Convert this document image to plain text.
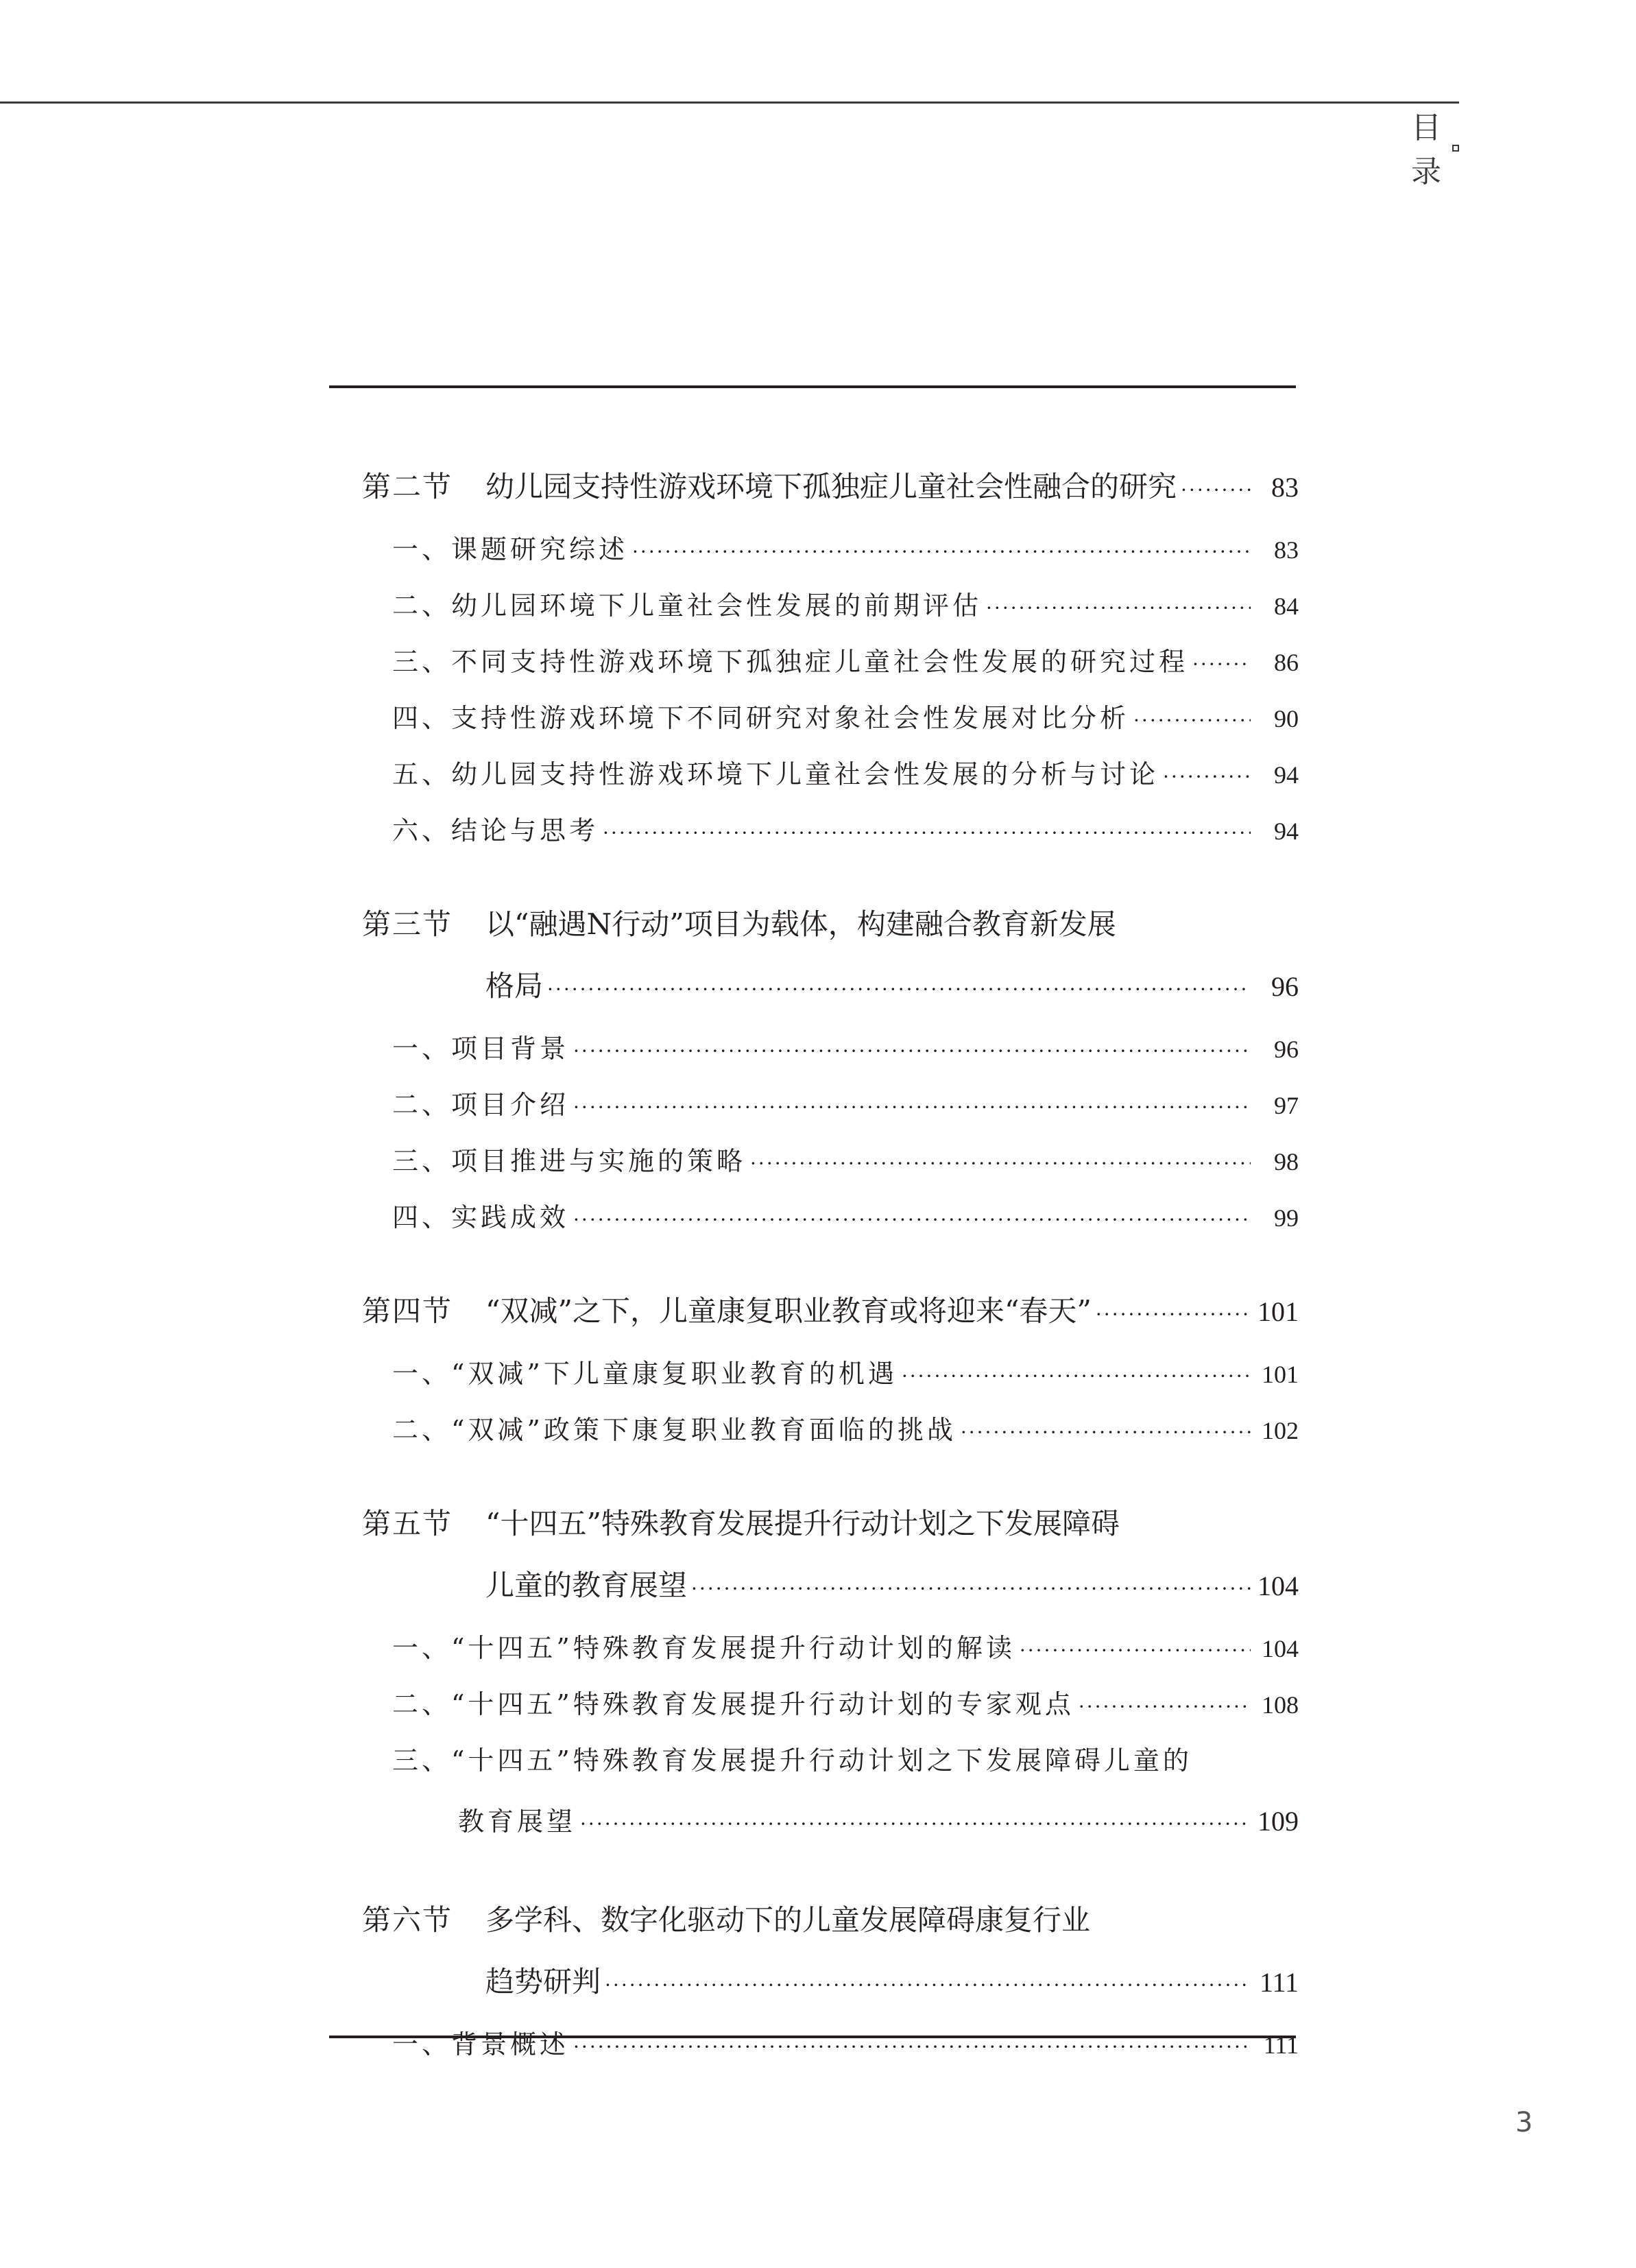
目　录
第二节	幼儿园支持性游戏环境下孤独症儿童社会性融合的研究 ·····	83
一、课题研究综述 ·····	83
二、幼儿园环境下儿童社会性发展的前期评估 ·····	84
三、不同支持性游戏环境下孤独症儿童社会性发展的研究过程 ·····	86
四、支持性游戏环境下不同研究对象社会性发展对比分析 ·····	90
五、幼儿园支持性游戏环境下儿童社会性发展的分析与讨论 ·····	94
六、结论与思考 ·····	94
第三节	以“融遇N行动”项目为载体，构建融合教育新发展
格局 ·····	96
一、项目背景 ·····	96
二、项目介绍 ·····	97
三、项目推进与实施的策略 ·····	98
四、实践成效 ·····	99
第四节	“双减”之下，儿童康复职业教育或将迎来“春天” ·····	101
一、“双减”下儿童康复职业教育的机遇 ·····	101
二、“双减”政策下康复职业教育面临的挑战 ·····	102
第五节	“十四五”特殊教育发展提升行动计划之下发展障碍
儿童的教育展望 ·····	104
一、“十四五”特殊教育发展提升行动计划的解读 ·····	104
二、“十四五”特殊教育发展提升行动计划的专家观点 ·····	108
三、“十四五”特殊教育发展提升行动计划之下发展障碍儿童的
教育展望 ·····	109
第六节	多学科、数字化驱动下的儿童发展障碍康复行业
趋势研判 ·····	111
一、背景概述 ·····	111
3
